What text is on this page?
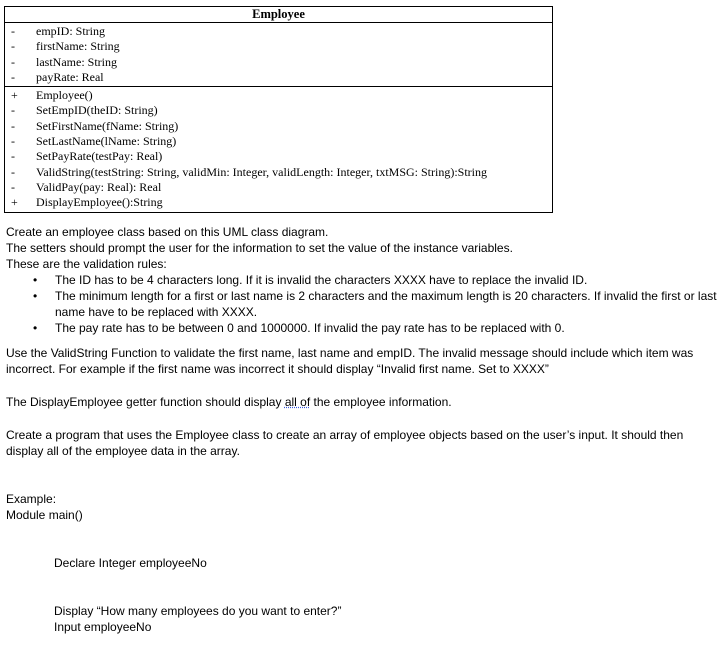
Employee
-	empID: String
-	firstName: String
-	lastName: String
-	payRate: Real
+ Employee()
-	SetEmpID(theID: String)
-	SetFirstName(fName: String)
-	SetLastName(lName: String)
-	SetPayRate(testPay: Real)
-	ValidString(testString: String, validMin: Integer, validLength: Integer, txtMSG: String):String
-	ValidPay(pay: Real): Real
+ DisplayEmployee():String

Create an employee class based on this UML class diagram.

The setters should prompt the user for the information to set the value of the instance variables.

These are the validation rules:

• The ID has to be 4 characters long. If it is invalid the characters XXXX have to replace the invalid ID.
• The minimum length for a first or last name is 2 characters and the maximum length is 20 characters. If invalid the first or last name have to be replaced with XXXX.
• The pay rate has to be between 0 and 1000000. If invalid the pay rate has to be replaced with 0.

Use the ValidString Function to validate the first name, last name and empID. The invalid message should include which item was incorrect. For example if the first name was incorrect it should display “Invalid first name. Set to XXXX”

The DisplayEmployee getter function should display all of the employee information.

Create a program that uses the Employee class to create an array of employee objects based on the user’s input. It should then display all of the employee data in the array.

Example:

Module main()

Declare Integer employeeNo

Display “How many employees do you want to enter?”

Input employeeNo
